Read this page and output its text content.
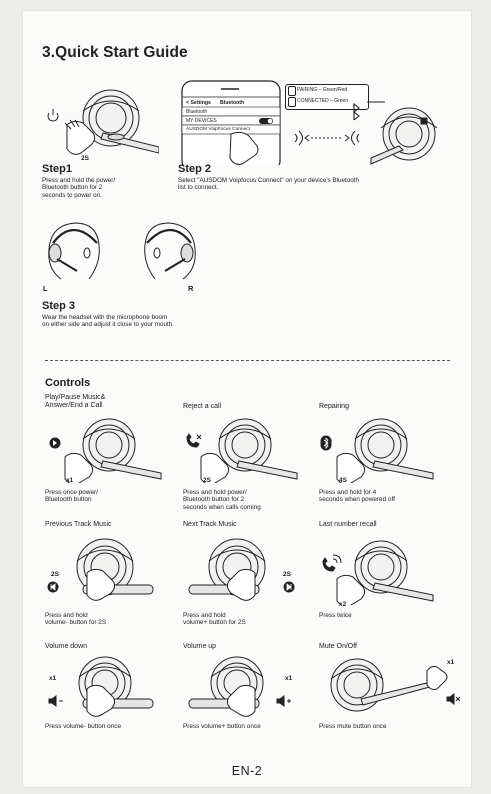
3.Quick Start Guide
2S
< Settings Bluetooth
Bluetooth
MY DEVICES
AUSDOM VoipFocus Connect
PAIRING – Green/Red
CONNECTED – Green
Step1
Press and hold the power/
Bluetooth button for 2
seconds to power on.
Step 2
Select "AUSDOM Voipfocus Connect" on your device's Bluetooth
list to connect.
L	R
Step 3
Wear the headset with the microphone boom
on either side and adjust it close to your mouth.
Controls
Play/Pause Music&
Answer/End a Call	Reject a call	Repairing
x1	2S	4S
Press once power/
Bluetooth button
Press and hold power/
Bluetooth button for 2
seconds when calls coming
Press and hold for 4
seconds when powered off
Previous Track Music	Next Track Music	Last number recall
2S	2S
x2
Press and hold
volume- button for 2S
Press and hold
volume+ button for 2S
Press twice
Volume down	Volume up	Mute On/Off
x1	x1
x1
Press volume- button once	Press volume+ button once	Press mute button once
EN-2
